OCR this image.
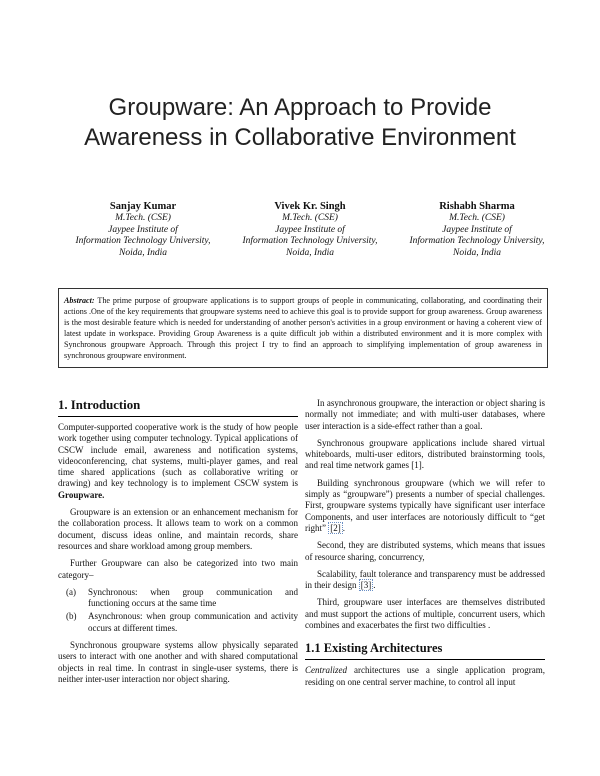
Groupware: An Approach to Provide
Awareness in Collaborative Environment
Sanjay Kumar
M.Tech. (CSE)
Jaypee Institute of
Information Technology University,
Noida, India
Vivek Kr. Singh
M.Tech. (CSE)
Jaypee Institute of
Information Technology University,
Noida, India
Rishabh Sharma
M.Tech. (CSE)
Jaypee Institute of
Information Technology University,
Noida, India
Abstract: The prime purpose of groupware applications is to support groups of people in communicating, collaborating, and coordinating their actions .One of the key requirements that groupware systems need to achieve this goal is to provide support for group awareness. Group awareness is the most desirable feature which is needed for understanding of another person's activities in a group environment or having a coherent view of latest update in workspace. Providing Group Awareness is a quite difficult job within a distributed environment and it is more complex with Synchronous groupware Approach. Through this project I try to find an approach to simplifying implementation of group awareness in synchronous groupware environment.
1. Introduction

Computer-supported cooperative work is the study of how people work together using computer technology. Typical applications of CSCW include email, awareness and notification systems, videoconferencing, chat systems, multi-player games, and real time shared applications (such as collaborative writing or drawing) and key technology is to implement CSCW system is Groupware.

Groupware is an extension or an enhancement mechanism for the collaboration process. It allows team to work on a common document, discuss ideas online, and maintain records, share resources and share workload among group members.

Further Groupware can also be categorized into two main category–

(a)	Synchronous: when group communication and functioning occurs at the same time
(b)	Asynchronous: when group communication and activity occurs at different times.

Synchronous groupware systems allow physically separated users to interact with one another and with shared computational objects in real time. In contrast in single-user systems, there is neither inter-user interaction nor object sharing.

In asynchronous groupware, the interaction or object sharing is normally not immediate; and with multi-user databases, where user interaction is a side-effect rather than a goal.

Synchronous groupware applications include shared virtual whiteboards, multi-user editors, distributed brainstorming tools, and real time network games [1].

Building synchronous groupware (which we will refer to simply as “groupware”) presents a number of special challenges. First, groupware systems typically have significant user interface Components, and user interfaces are notoriously difficult to “get right” [2] .

Second, they are distributed systems, which means that issues of resource sharing, concurrency,

Scalability, fault tolerance and transparency must be addressed in their design [3] .

Third, groupware user interfaces are themselves distributed and must support the actions of multiple, concurrent users, which combines and exacerbates the first two difficulties .

1.1 Existing Architectures

Centralized architectures use a single application program, residing on one central server machine, to control all input
